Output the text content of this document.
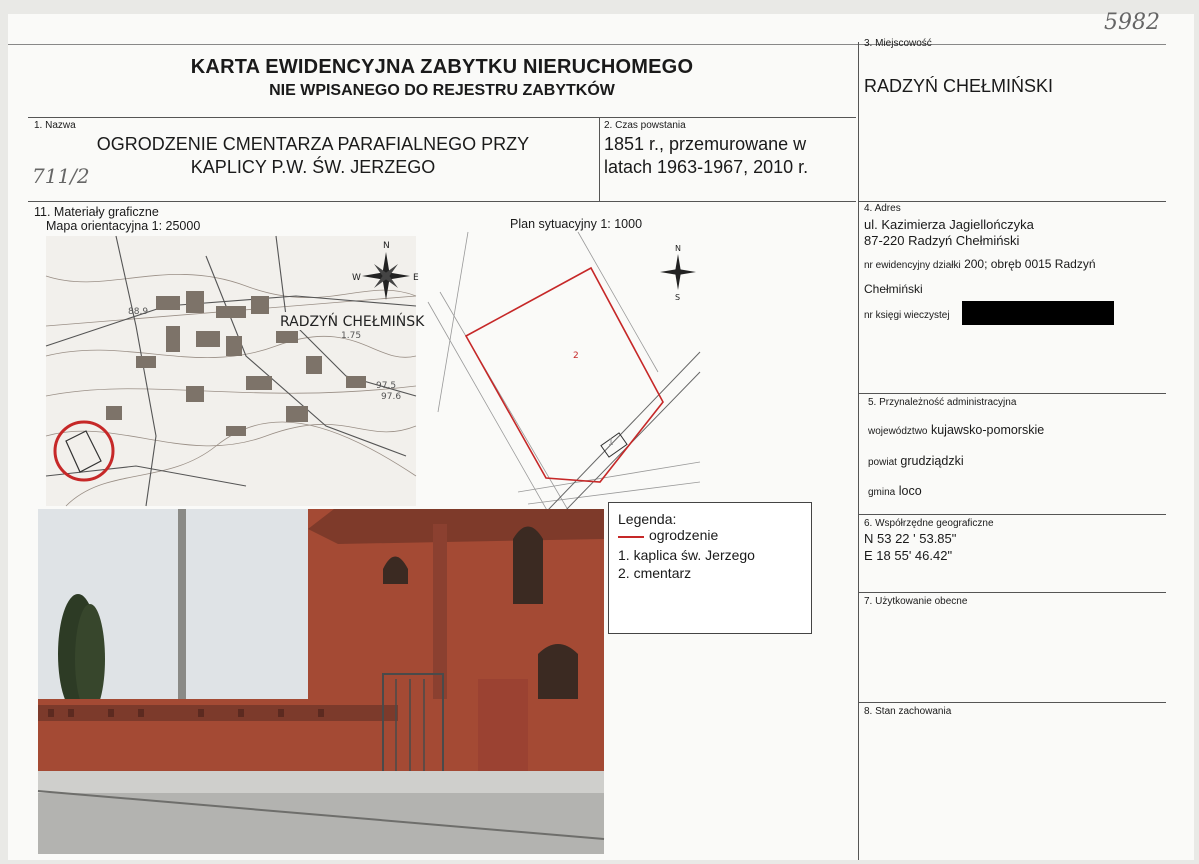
5982
KARTA EWIDENCYJNA ZABYTKU NIERUCHOMEGO
NIE WPISANEGO DO REJESTRU ZABYTKÓW
3. Miejscowość
RADZYŃ CHEŁMIŃSKI
1. Nazwa
OGRODZENIE CMENTARZA PARAFIALNEGO PRZY
KAPLICY P.W. ŚW. JERZEGO
711/2
2. Czas powstania
1851 r., przemurowane w
latach 1963-1967, 2010 r.
11. Materiały graficzne
Mapa orientacyjna 1: 25000	Plan sytuacyjny 1: 1000
88.9
1.75
97.5
97.6
RADZYŃ CHEŁMIŃSK
N
W	E
1
2
N
S
Legenda:
ogrodzenie
1. kaplica św. Jerzego
2. cmentarz
4. Adres
ul. Kazimierza Jagiellończyka
87-220 Radzyń Chełmiński
nr ewidencyjny działki 200; obręb 0015 Radzyń
Chełmiński
nr księgi wieczystej
5. Przynależność administracyjna
województwo kujawsko-pomorskie
powiat grudziądzki
gmina loco
6. Współrzędne geograficzne
N 53 22 ' 53.85"
E 18 55' 46.42"
7. Użytkowanie obecne
8. Stan zachowania
